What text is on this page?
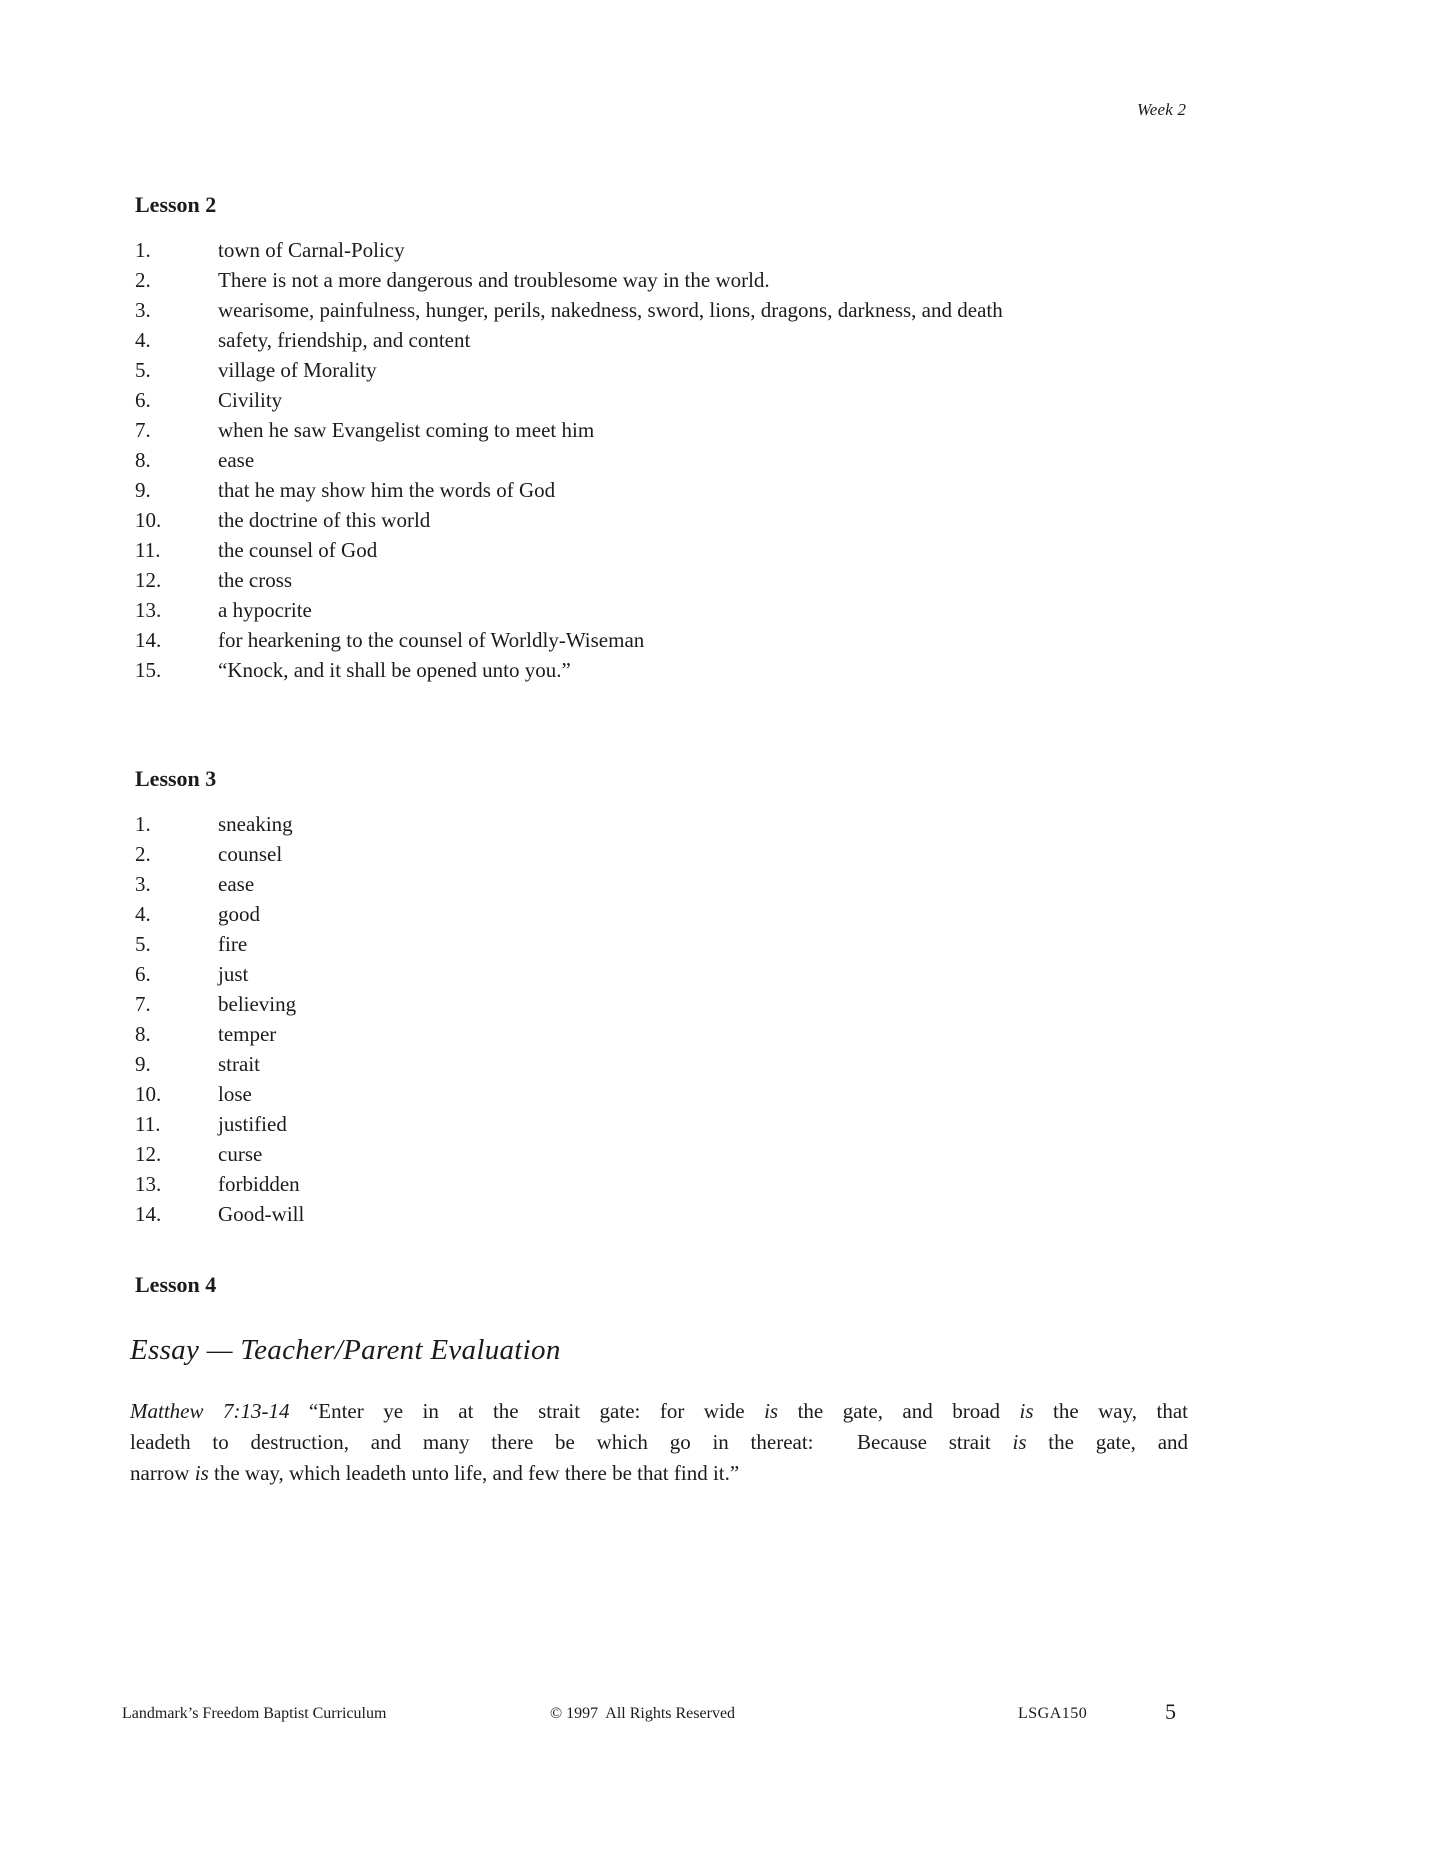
Week 2
Lesson 2
1.	town of Carnal-Policy
2.	There is not a more dangerous and troublesome way in the world.
3.	wearisome, painfulness, hunger, perils, nakedness, sword, lions, dragons, darkness, and death
4.	safety, friendship, and content
5.	village of Morality
6.	Civility
7.	when he saw Evangelist coming to meet him
8.	ease
9.	that he may show him the words of God
10.	the doctrine of this world
11.	the counsel of God
12.	the cross
13.	a hypocrite
14.	for hearkening to the counsel of Worldly-Wiseman
15.	“Knock, and it shall be opened unto you.”
Lesson 3
1.	sneaking
2.	counsel
3.	ease
4.	good
5.	fire
6.	just
7.	believing
8.	temper
9.	strait
10.	lose
11.	justified
12.	curse
13.	forbidden
14.	Good-will
Lesson 4
Essay — Teacher/Parent Evaluation
Matthew 7:13-14 “Enter ye in at the strait gate: for wide is the gate, and broad is the way, that
leadeth to destruction, and many there be which go in thereat:  Because strait is the gate, and
narrow is the way, which leadeth unto life, and few there be that find it.”
Landmark’s Freedom Baptist Curriculum	© 1997  All Rights Reserved	LSGA150	5
